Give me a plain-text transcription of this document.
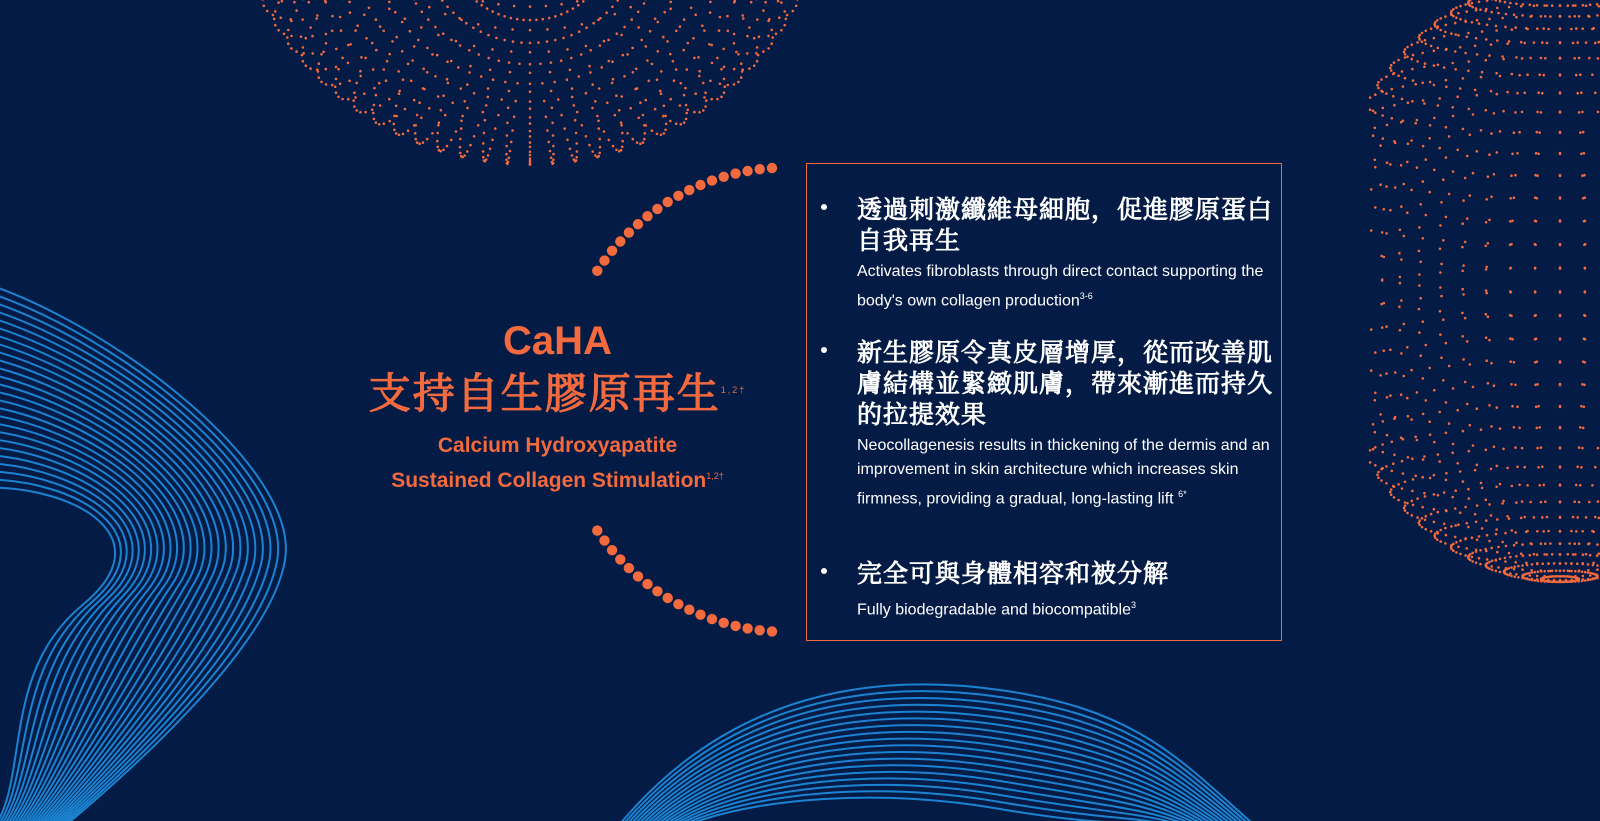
CaHA
支持自生膠原再生$^{1,2\dagger}$
Calcium Hydroxyapatite
Sustained Collagen Stimulation$^{1,2\dagger}$
透過刺激纖維母細胞，促進膠原蛋白自我再生
Activates fibroblasts through direct contact supporting the body's own collagen production$^{3-6}$
新生膠原令真皮層增厚，從而改善肌膚結構並緊緻肌膚，帶來漸進而持久的拉提效果
Neocollagenesis results in thickening of the dermis and an improvement in skin architecture which increases skin firmness, providing a gradual, long-lasting lift $^{6*}$
完全可與身體相容和被分解
Fully biodegradable and biocompatible$^3$
